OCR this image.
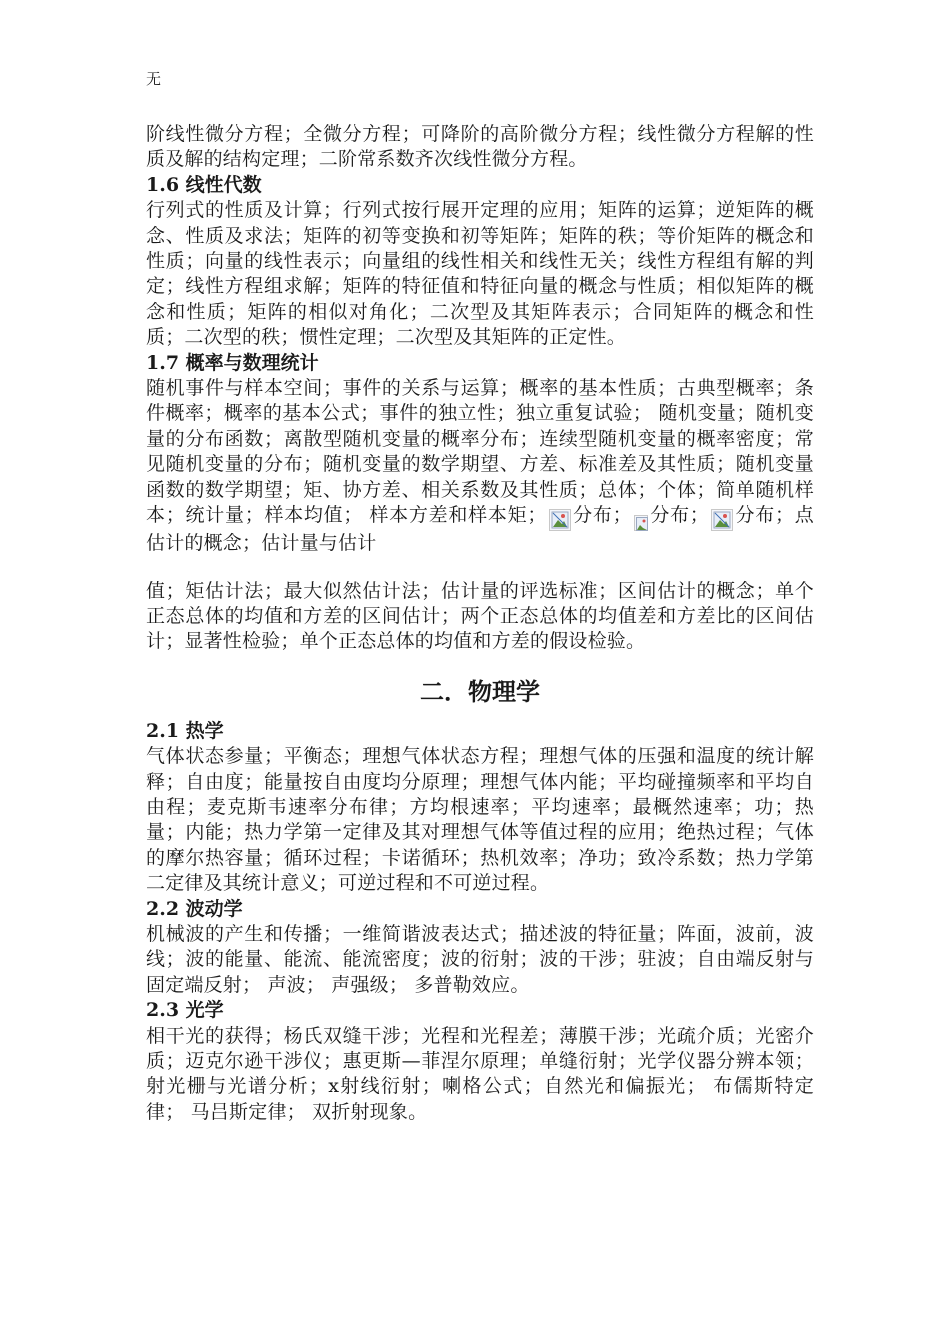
无

阶线性微分方程；全微分方程；可降阶的高阶微分方程；线性微分方程解的性质及解的结构定理；二阶常系数齐次线性微分方程。

1.6 线性代数

行列式的性质及计算；行列式按行展开定理的应用；矩阵的运算；逆矩阵的概念、性质及求法；矩阵的初等变换和初等矩阵；矩阵的秩；等价矩阵的概念和性质；向量的线性表示；向量组的线性相关和线性无关；线性方程组有解的判定；线性方程组求解；矩阵的特征值和特征向量的概念与性质；相似矩阵的概念和性质；矩阵的相似对角化；二次型及其矩阵表示；合同矩阵的概念和性质；二次型的秩；惯性定理；二次型及其矩阵的正定性。

1.7 概率与数理统计

随机事件与样本空间；事件的关系与运算；概率的基本性质；古典型概率；条件概率；概率的基本公式；事件的独立性；独立重复试验； 随机变量；随机变量的分布函数；离散型随机变量的概率分布；连续型随机变量的概率密度；常见随机变量的分布；随机变量的数学期望、方差、标准差及其性质；随机变量函数的数学期望；矩、协方差、相关系数及其性质；总体；个体；简单随机样本；统计量；样本均值； 样本方差和样本矩； 分布； 分布； 分布；点估计的概念；估计量与估计

值；矩估计法；最大似然估计法；估计量的评选标准；区间估计的概念；单个正态总体的均值和方差的区间估计；两个正态总体的均值差和方差比的区间估计；显著性检验；单个正态总体的均值和方差的假设检验。

二．物理学
2.1 热学

气体状态参量；平衡态；理想气体状态方程；理想气体的压强和温度的统计解释；自由度；能量按自由度均分原理；理想气体内能；平均碰撞频率和平均自由程；麦克斯韦速率分布律；方均根速率；平均速率；最概然速率；功；热量；内能；热力学第一定律及其对理想气体等值过程的应用；绝热过程；气体的摩尔热容量；循环过程；卡诺循环；热机效率；净功；致冷系数；热力学第二定律及其统计意义；可逆过程和不可逆过程。

2.2 波动学

机械波的产生和传播；一维简谐波表达式；描述波的特征量；阵面，波前，波线；波的能量、能流、能流密度；波的衍射；波的干涉；驻波；自由端反射与固定端反射； 声波； 声强级； 多普勒效应。

2.3 光学

相干光的获得；杨氏双缝干涉；光程和光程差；薄膜干涉；光疏介质；光密介质；迈克尔逊干涉仪；惠更斯—菲涅尔原理；单缝衍射；光学仪器分辨本领；射光栅与光谱分析；x射线衍射；喇格公式；自然光和偏振光； 布儒斯特定律； 马吕斯定律； 双折射现象。
